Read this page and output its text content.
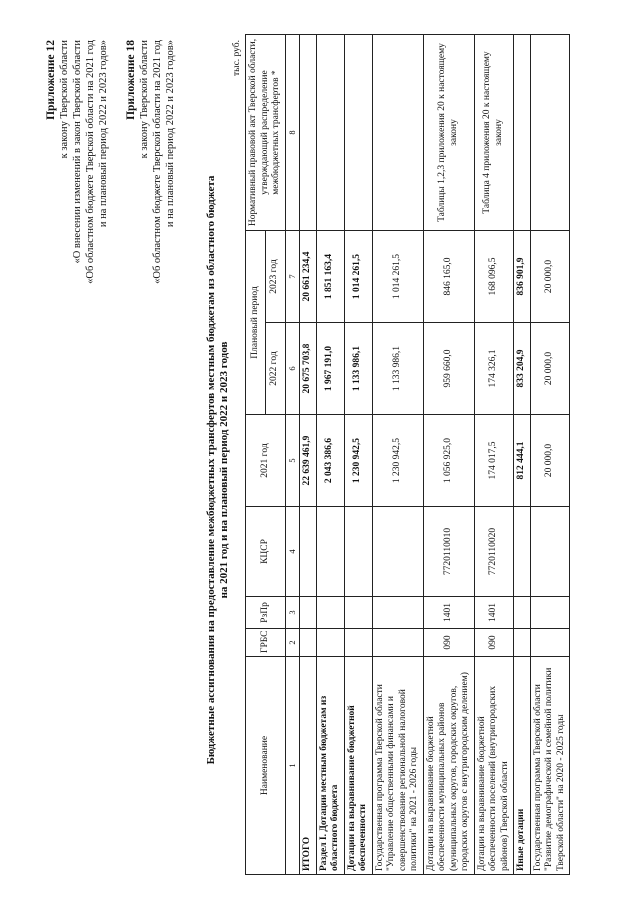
Приложение 12 к закону Тверской области «О внесении изменений в закон Тверской области «Об областном бюджете Тверской области на 2021 год и на плановый период 2022 и 2023 годов» Приложение 18 к закону Тверской области «Об областном бюджете Тверской области на 2021 год и на плановый период 2022 и 2023 годов»
Бюджетные ассигнования на предоставление межбюджетных трансфертов местным бюджетам из областного бюджета на 2021 год и на плановый период 2022 и 2023 годов
тыс. руб.
Наименование	ГРБС	РзПр	КЦСР	2021 год	Плановый период		Нормативный правовой акт Тверской области, утверждающий распределение межбюджетных трансфертов *
					2022 год	2023 год	
1	2	3	4	5	6	7	8
ИТОГО				22 639 461,9	20 675 703,8	20 661 234,4	
Раздел I. Дотации местным бюджетам из областного бюджета				2 043 386,6	1 967 191,0	1 851 163,4	
Дотации на выравнивание бюджетной обеспеченности				1 230 942,5	1 133 986,1	1 014 261,5	
Государственная программа Тверской области "Управление общественными финансами и совершенствование региональной налоговой политики" на 2021 - 2026 годы				1 230 942,5	1 133 986,1	1 014 261,5	
Дотации на выравнивание бюджетной обеспеченности муниципальных районов (муниципальных округов, городских округов, городских округов с внутригородским делением)	090	1401	7720110010	1 056 925,0	959 660,0	846 165,0	Таблицы 1,2,3 приложения 20 к настоящему закону
Дотации на выравнивание бюджетной обеспеченности поселений (внутригородских районов) Тверской области	090	1401	7720110020	174 017,5	174 326,1	168 096,5	Таблица 4 приложения 20 к настоящему закону
Иные дотации				812 444,1	833 204,9	836 901,9	
Государственная программа Тверской области "Развитие демографической и семейной политики Тверской области" на 2020 - 2025 годы				20 000,0	20 000,0	20 000,0	
